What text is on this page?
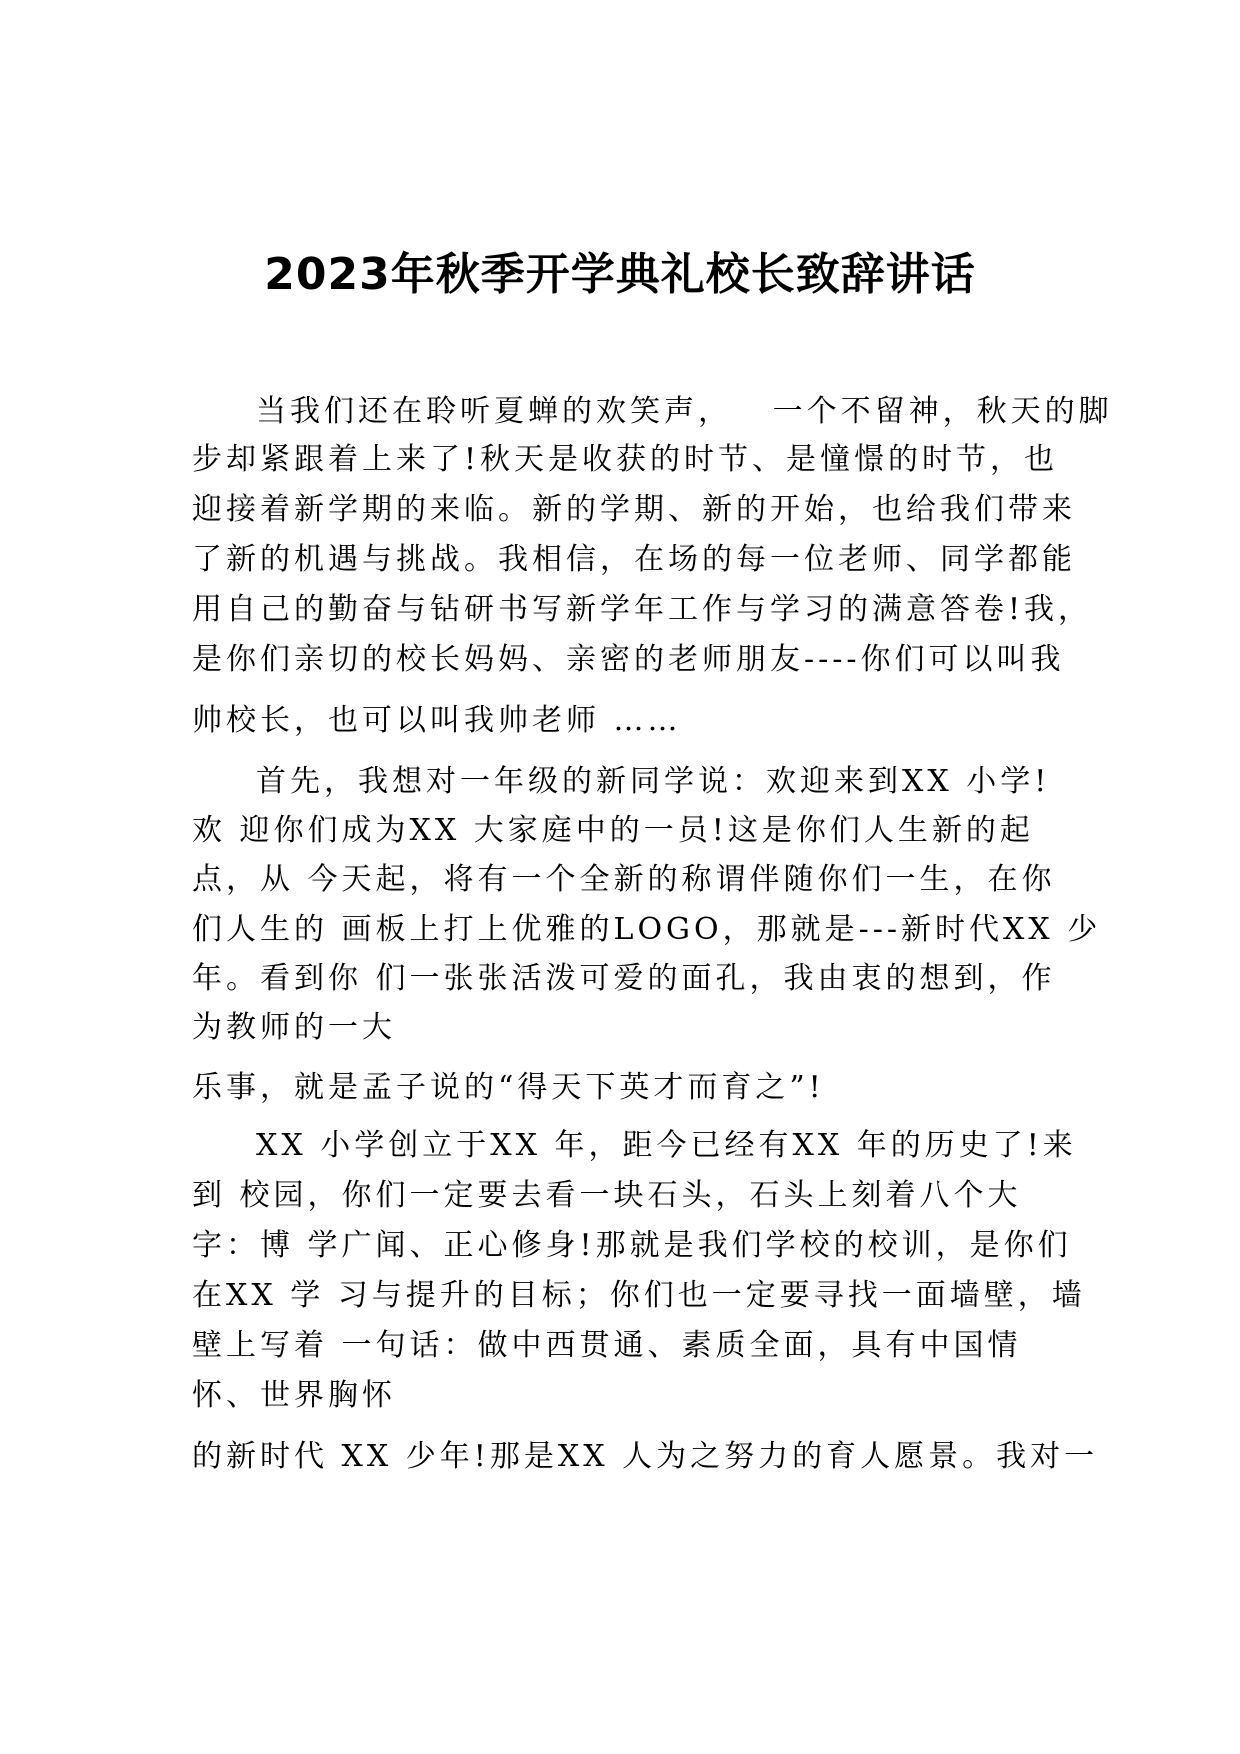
2023年秋季开学典礼校长致辞讲话
当我们还在聆听夏蝉的欢笑声，   一个不留神，秋天的脚
步却紧跟着上来了!秋天是收获的时节、是憧憬的时节，也
迎接着新学期的来临。新的学期、新的开始，也给我们带来
了新的机遇与挑战。我相信，在场的每一位老师、同学都能
用自己的勤奋与钻研书写新学年工作与学习的满意答卷!我，
是你们亲切的校长妈妈、亲密的老师朋友----你们可以叫我
帅校长，也可以叫我帅老师 ……
首先，我想对一年级的新同学说：欢迎来到XX 小学!
欢 迎你们成为XX 大家庭中的一员!这是你们人生新的起
点，从 今天起，将有一个全新的称谓伴随你们一生，在你
们人生的 画板上打上优雅的LOGO，那就是---新时代XX 少
年。看到你 们一张张活泼可爱的面孔，我由衷的想到，作
为教师的一大
乐事，就是孟子说的“得天下英才而育之”!
XX 小学创立于XX 年，距今已经有XX 年的历史了!来
到 校园，你们一定要去看一块石头，石头上刻着八个大
字：博 学广闻、正心修身!那就是我们学校的校训，是你们
在XX 学 习与提升的目标；你们也一定要寻找一面墙壁，墙
壁上写着 一句话：做中西贯通、素质全面，具有中国情
怀、世界胸怀
的新时代 XX 少年!那是XX 人为之努力的育人愿景。我对一
